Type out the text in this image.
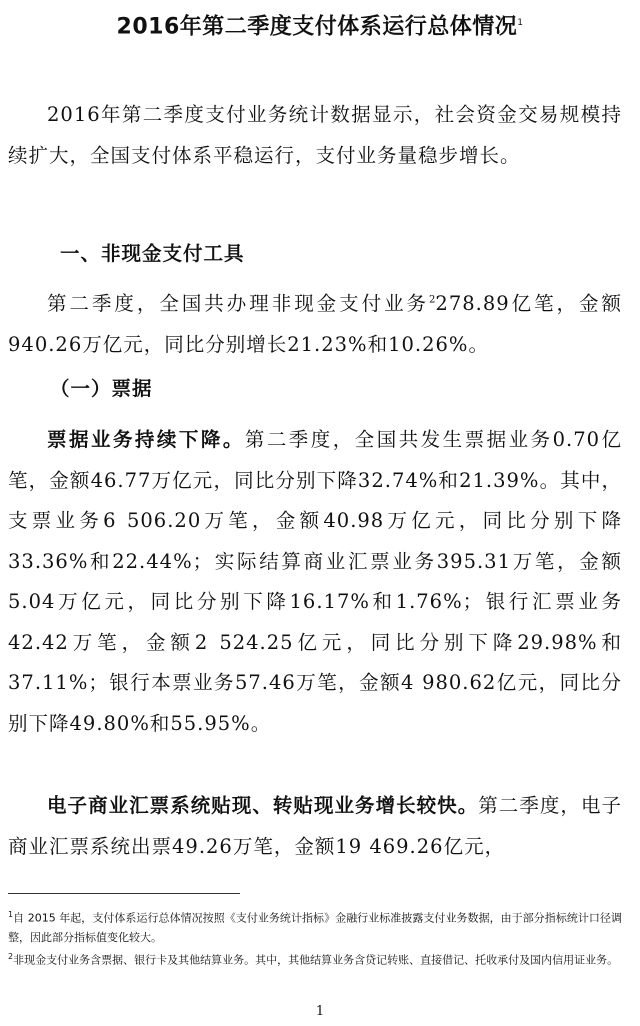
2016年第二季度支付体系运行总体情况$^1$
2016年第二季度支付业务统计数据显示，社会资金交易规模持续扩大，全国支付体系平稳运行，支付业务量稳步增长。
一、非现金支付工具
第二季度，全国共办理非现金支付业务$^2$278.89亿笔，金额940.26万亿元，同比分别增长21.23%和10.26%。
（一）票据
票据业务持续下降。第二季度，全国共发生票据业务0.70亿笔，金额46.77万亿元，同比分别下降32.74%和21.39%。其中，支票业务6 506.20万笔，金额40.98万亿元，同比分别下降33.36%和22.44%；实际结算商业汇票业务395.31万笔，金额5.04万亿元，同比分别下降16.17%和1.76%；银行汇票业务42.42万笔，金额2 524.25亿元，同比分别下降29.98%和37.11%；银行本票业务57.46万笔，金额4 980.62亿元，同比分别下降49.80%和55.95%。
电子商业汇票系统贴现、转贴现业务增长较快。第二季度，电子商业汇票系统出票49.26万笔，金额19 469.26亿元，
$^1$自 2015 年起，支付体系运行总体情况按照《支付业务统计指标》金融行业标准披露支付业务数据，由于部分指标统计口径调整，因此部分指标值变化较大。
$^2$非现金支付业务含票据、银行卡及其他结算业务。其中，其他结算业务含贷记转账、直接借记、托收承付及国内信用证业务。
1
